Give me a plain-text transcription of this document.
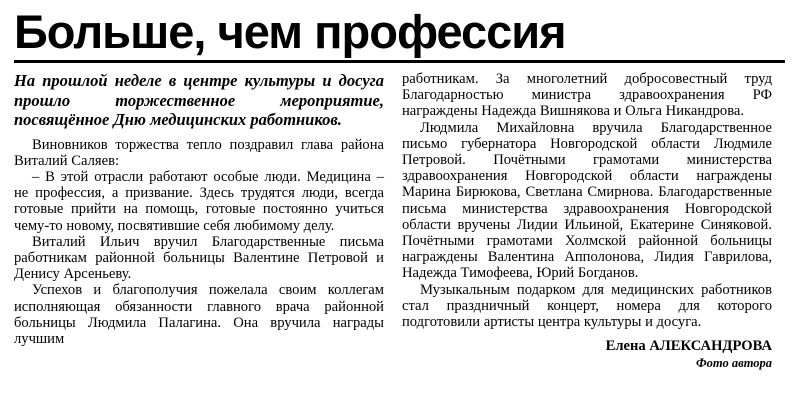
Больше, чем профессия

На прошлой неделе в центре культуры и досуга прошло торжественное мероприятие, посвящённое Дню медицинских работников.

Виновников торжества тепло поздравил глава района Виталий Саляев:

– В этой отрасли работают особые люди. Медицина – не профессия, а призвание. Здесь трудятся люди, всегда готовые прийти на помощь, готовые постоянно учиться чему-то новому, посвятившие себя любимому делу.

Виталий Ильич вручил Благодарственные письма работникам районной больницы Валентине Петровой и Денису Арсеньеву.

Успехов и благополучия пожелала своим коллегам исполняющая обязанности главного врача районной больницы Людмила Палагина. Она вручила награды лучшим

работникам. За многолетний добросовестный труд Благодарностью министра здравоохранения РФ награждены Надежда Вишнякова и Ольга Никандрова.

Людмила Михайловна вручила Благодарственное письмо губернатора Новгородской области Людмиле Петровой. Почётными грамотами министерства здравоохранения Новгородской области награждены Марина Бирюкова, Светлана Смирнова. Благодарственные письма министерства здравоохранения Новгородской области вручены Лидии Ильиной, Екатерине Синяковой. Почётными грамотами Холмской районной больницы награждены Валентина Апполонова, Лидия Гаврилова, Надежда Тимофеева, Юрий Богданов.

Музыкальным подарком для медицинских работников стал праздничный концерт, номера для которого подготовили артисты центра культуры и досуга.

Елена АЛЕКСАНДРОВА
Фото автора
